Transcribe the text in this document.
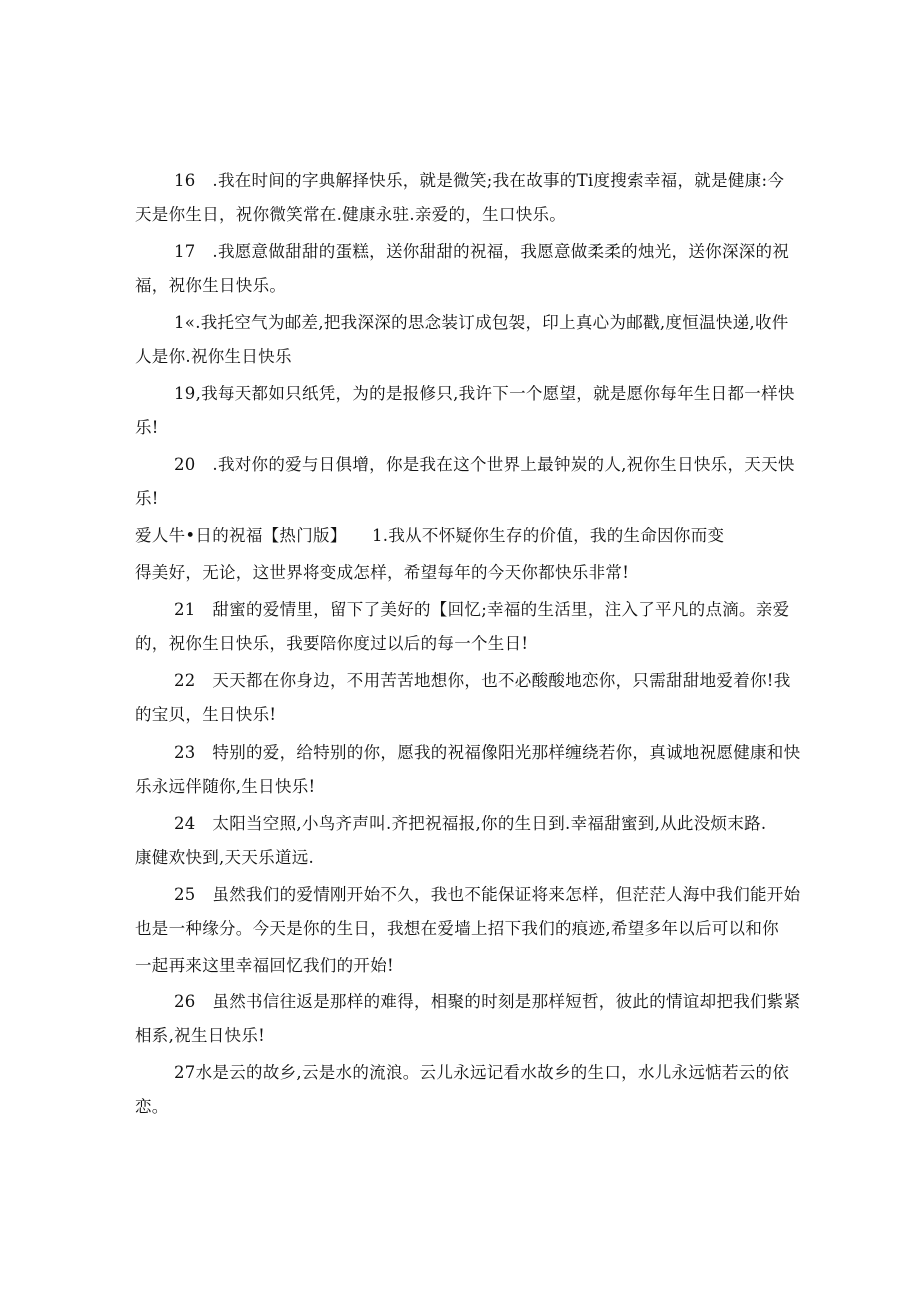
16　.我在时间的字典解择快乐，就是微笑;我在故事的Ti度搜索幸福，就是健康:今
天是你生日，祝你微笑常在.健康永驻.亲爱的，生口快乐。
17　.我愿意做甜甜的蛋糕，送你甜甜的祝福，我愿意做柔柔的烛光，送你深深的祝
福，祝你生日快乐。
1«.我托空气为邮差,把我深深的思念装订成包袈，印上真心为邮戳,度恒温快递,收件
人是你.祝你生日快乐
19,我每天都如只纸凭，为的是报修只,我许下一个愿望，就是愿你每年生日都一样快
乐!
20　.我对你的爱与日俱增，你是我在这个世界上最钟炭的人,祝你生日快乐，天天快
乐!
爱人牛•日的祝福【热门版】　　1.我从不怀疑你生存的价值，我的生命因你而变
得美好，无论，这世界将变成怎样，希望每年的今天你都快乐非常!
21　甜蜜的爱情里，留下了美好的【回忆;幸福的生活里，注入了平凡的点滴。亲爱
的，祝你生日快乐，我要陪你度过以后的每一个生日!
22　天天都在你身边，不用苦苦地想你，也不必酸酸地恋你，只需甜甜地爱着你!我
的宝贝，生日快乐!
23　特别的爱，给特别的你，愿我的祝福像阳光那样缠绕若你，真诚地祝愿健康和快
乐永远伴随你,生日快乐!
24　太阳当空照,小鸟齐声叫.齐把祝福报,你的生日到.幸福甜蜜到,从此没烦末路.
康健欢快到,天天乐道远.
25　虽然我们的爱情刚开始不久，我也不能保证将来怎样，但茫茫人海中我们能开始
也是一种缘分。今天是你的生日，我想在爱墙上招下我们的痕迹,希望多年以后可以和你
一起再来这里幸福回忆我们的开始!
26　虽然书信往返是那样的难得，相聚的时刻是那样短哲，彼此的情谊却把我们紫紧
相系,祝生日快乐!
27水是云的故乡,云是水的流浪。云儿永远记看水故乡的生口，水儿永远惦若云的依
恋。
